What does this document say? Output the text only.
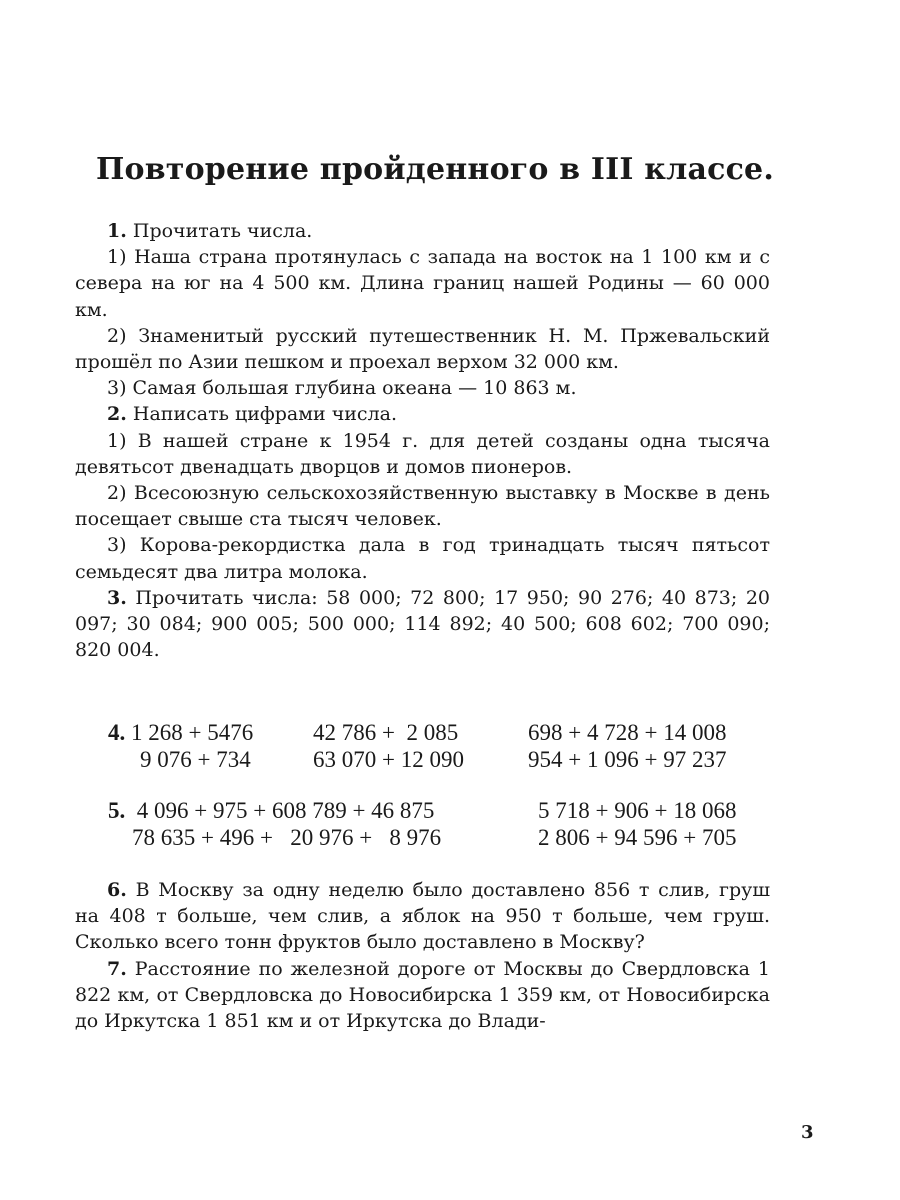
Повторение пройденного в III классе.

1. Прочитать числа.

1) Наша страна протянулась с запада на восток на 1 100 км и с севера на юг на 4 500 км. Длина границ нашей Родины — 60 000 км.

2) Знаменитый русский путешественник Н. М. Пржевальский прошёл по Азии пешком и проехал верхом 32 000 км.

3) Самая большая глубина океана — 10 863 м.

2. Написать цифрами числа.

1) В нашей стране к 1954 г. для детей созданы одна тысяча девятьсот двенадцать дворцов и домов пионеров.

2) Всесоюзную сельскохозяйственную выставку в Москве в день посещает свыше ста тысяч человек.

3) Корова-рекордистка дала в год тринадцать тысяч пятьсот семьдесят два литра молока.

3. Прочитать числа: 58 000; 72 800; 17 950; 90 276; 40 873; 20 097; 30 084; 900 005; 500 000; 114 892; 40 500; 608 602; 700 090; 820 004.

4. 1 268 + 5476	42 786 +  2 085	698 + 4 728 + 14 008
9 076 + 734	63 070 + 12 090	954 + 1 096 + 97 237
5. 4 096 + 975 + 608 789 + 46 875	5 718 + 906 + 18 068
78 635 + 496 +   20 976 +   8 976	2 806 + 94 596 + 705

6. В Москву за одну неделю было доставлено 856 т слив, груш на 408 т больше, чем слив, а яблок на 950 т больше, чем груш. Сколько всего тонн фруктов было доставлено в Москву?

7. Расстояние по железной дороге от Москвы до Свердловска 1 822 км, от Свердловска до Новосибирска 1 359 км, от Новосибирска до Иркутска 1 851 км и от Иркутска до Влади-

3
